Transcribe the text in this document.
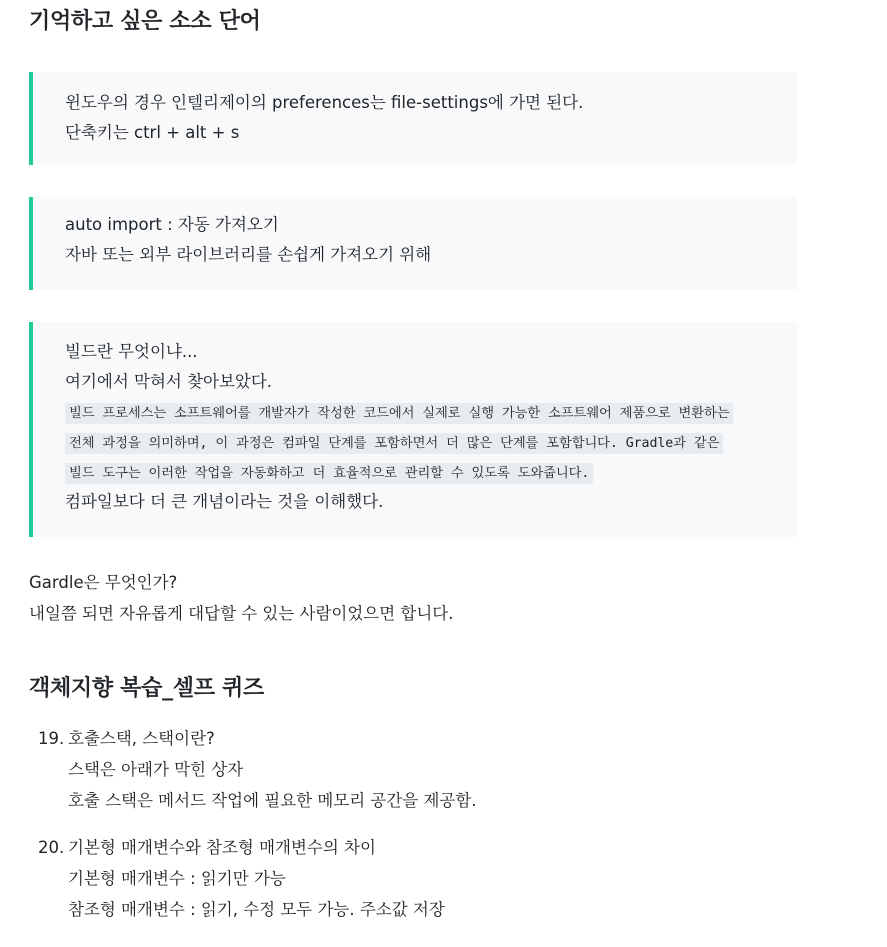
기억하고 싶은 소소 단어

윈도우의 경우 인텔리제이의 preferences는 file-settings에 가면 된다.

단축키는 ctrl + alt + s

auto import : 자동 가져오기

자바 또는 외부 라이브러리를 손쉽게 가져오기 위해

빌드란 무엇이냐...

여기에서 막혀서 찾아보았다.

빌드 프로세스는 소프트웨어를 개발자가 작성한 코드에서 실제로 실행 가능한 소프트웨어 제품으로 변환하는
전체 과정을 의미하며, 이 과정은 컴파일 단계를 포함하면서 더 많은 단계를 포함합니다. Gradle과 같은
빌드 도구는 이러한 작업을 자동화하고 더 효율적으로 관리할 수 있도록 도와줍니다.

컴파일보다 더 큰 개념이라는 것을 이해했다.

Gardle은 무엇인가?

내일쯤 되면 자유롭게 대답할 수 있는 사람이었으면 합니다.

객체지향 복습_셀프 퀴즈
19. 호출스택, 스택이란?
스택은 아래가 막힌 상자
호출 스택은 메서드 작업에 필요한 메모리 공간을 제공함.
20. 기본형 매개변수와 참조형 매개변수의 차이
기본형 매개변수 : 읽기만 가능
참조형 매개변수 : 읽기, 수정 모두 가능. 주소값 저장
